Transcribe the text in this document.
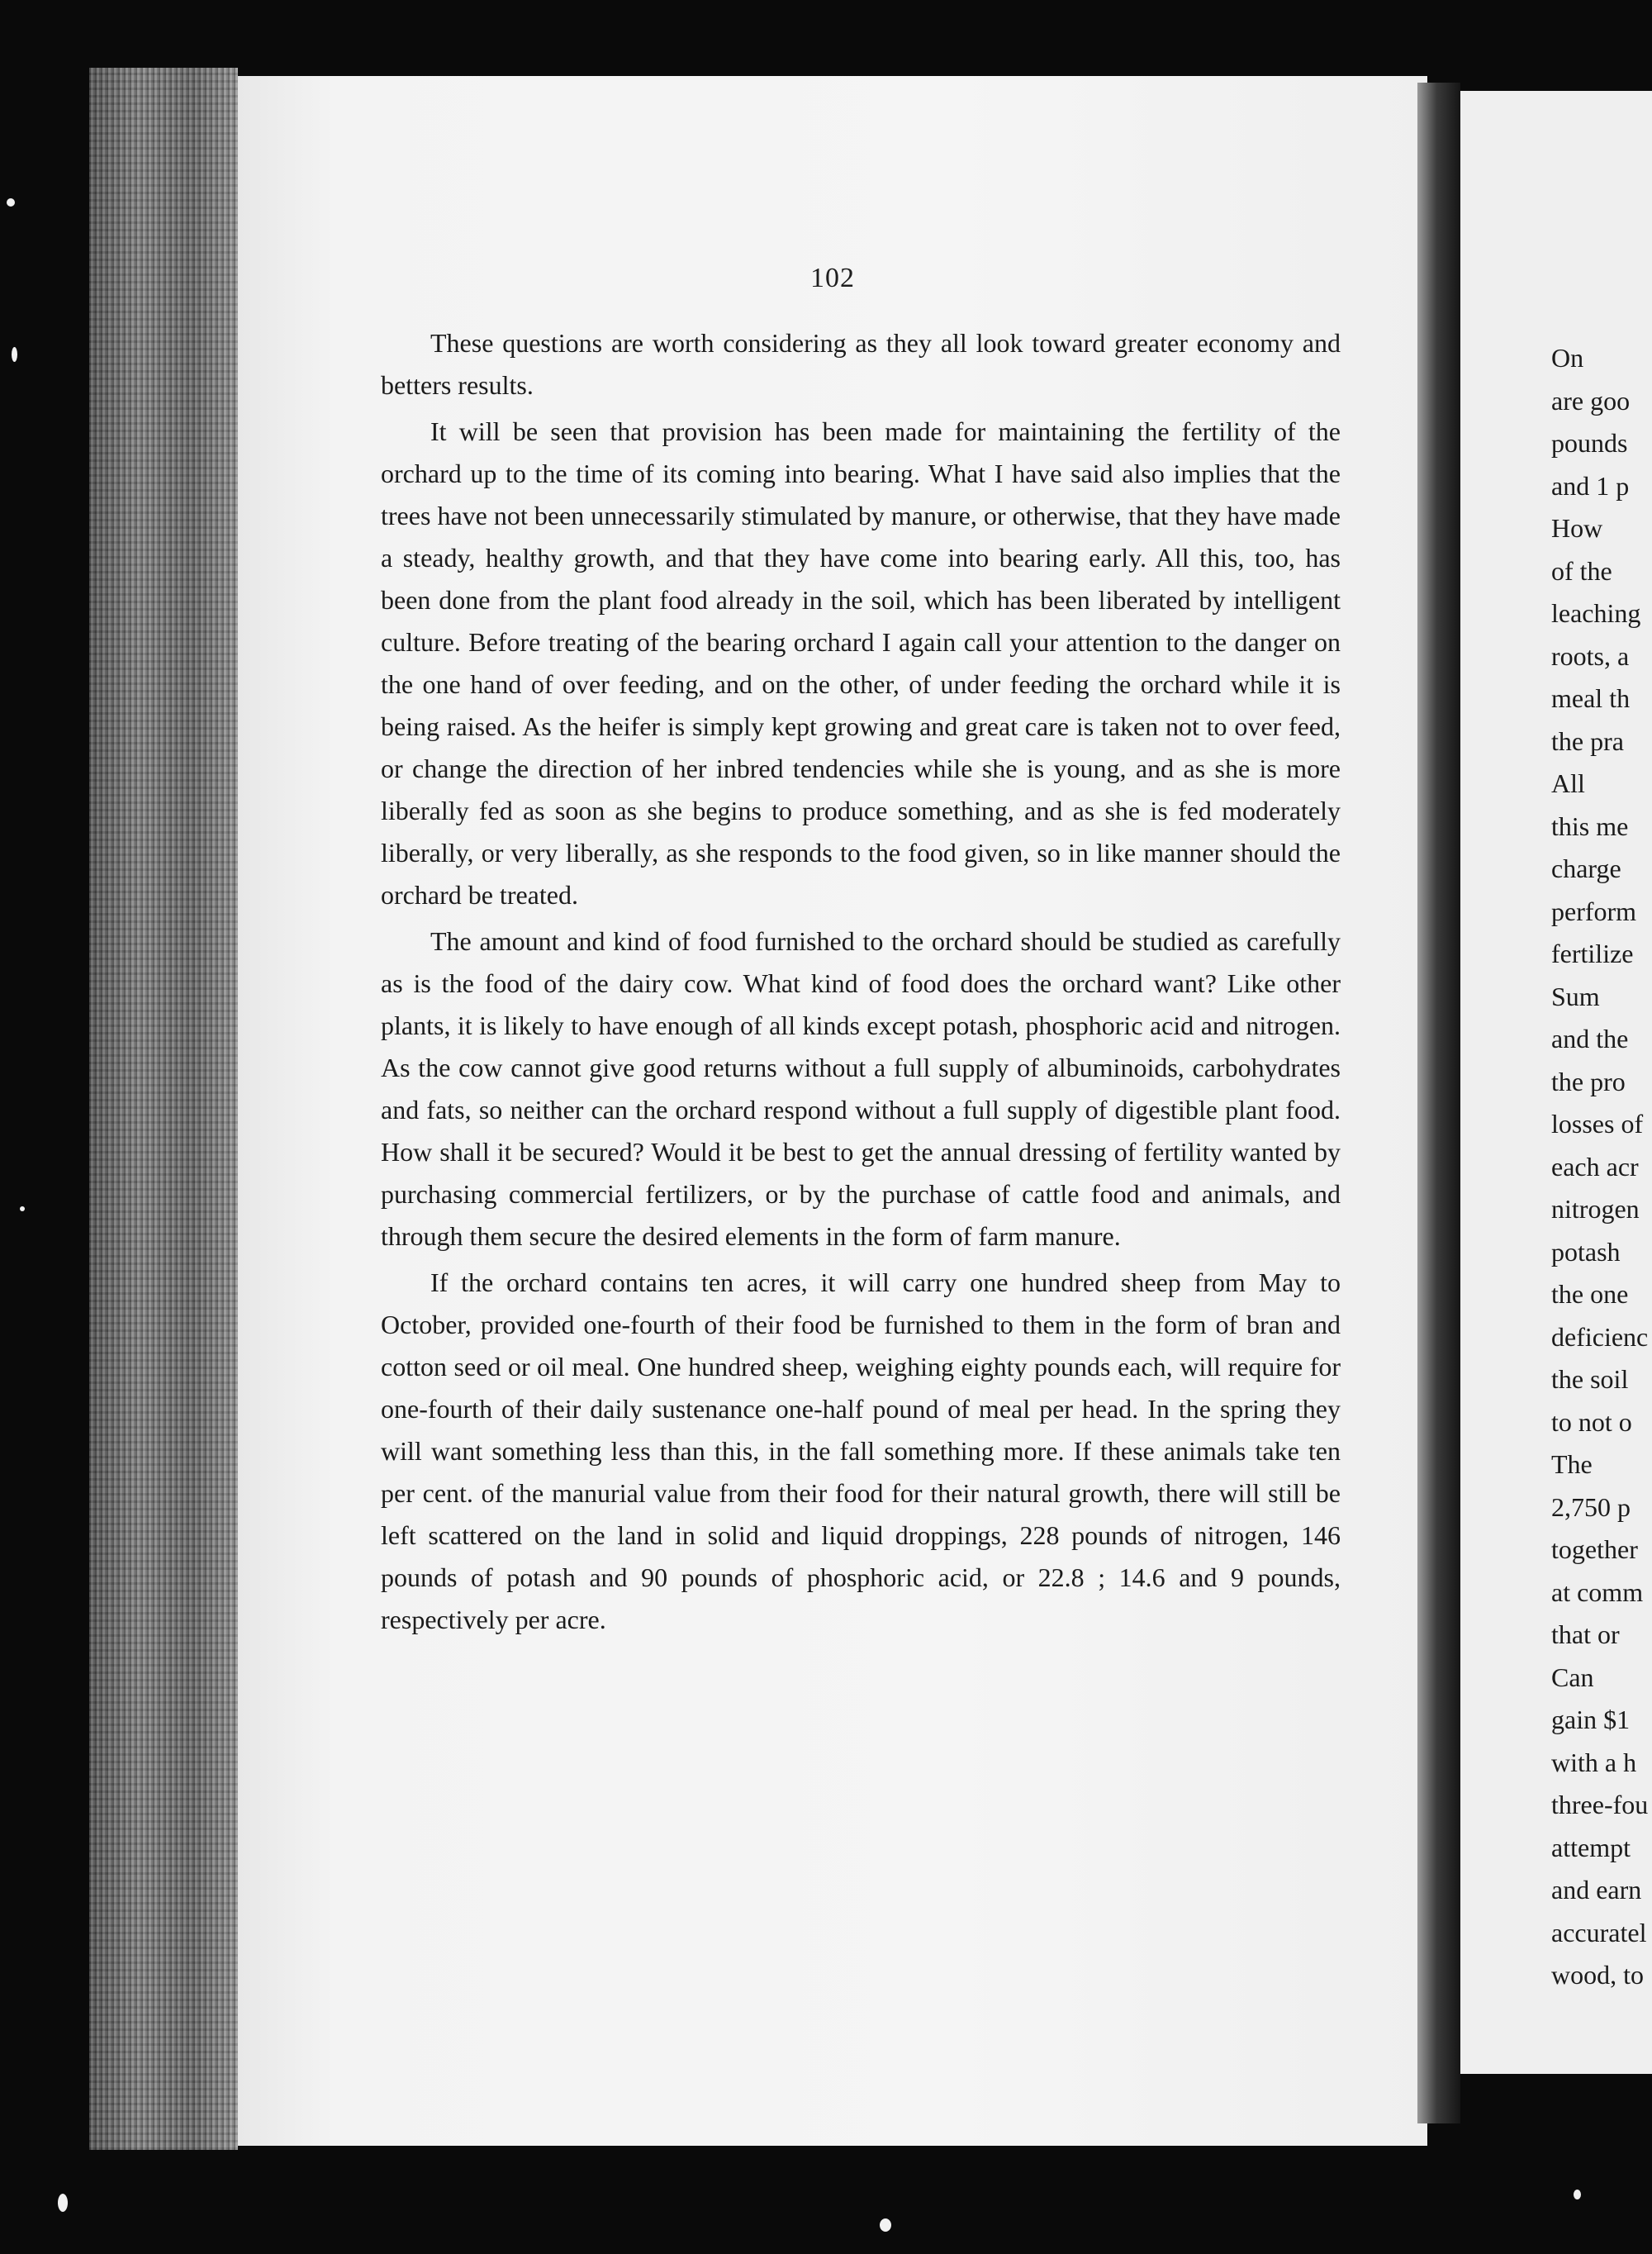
102

These questions are worth considering as they all look toward greater economy and betters results.

It will be seen that provision has been made for maintaining the fertility of the orchard up to the time of its coming into bearing. What I have said also implies that the trees have not been unnecessarily stimulated by manure, or otherwise, that they have made a steady, healthy growth, and that they have come into bearing early. All this, too, has been done from the plant food already in the soil, which has been liberated by intelligent culture. Before treating of the bearing orchard I again call your attention to the danger on the one hand of over feeding, and on the other, of under feeding the orchard while it is being raised. As the heifer is simply kept growing and great care is taken not to over feed, or change the direction of her inbred tendencies while she is young, and as she is more liberally fed as soon as she begins to produce something, and as she is fed moderately liberally, or very liberally, as she responds to the food given, so in like manner should the orchard be treated.

The amount and kind of food furnished to the orchard should be studied as carefully as is the food of the dairy cow. What kind of food does the orchard want? Like other plants, it is likely to have enough of all kinds except potash, phosphoric acid and nitrogen. As the cow cannot give good returns without a full supply of albuminoids, carbohydrates and fats, so neither can the orchard respond without a full supply of digestible plant food. How shall it be secured? Would it be best to get the annual dressing of fertility wanted by purchasing commercial fertilizers, or by the purchase of cattle food and animals, and through them secure the desired elements in the form of farm manure.

If the orchard contains ten acres, it will carry one hundred sheep from May to October, provided one-fourth of their food be furnished to them in the form of bran and cotton seed or oil meal. One hundred sheep, weighing eighty pounds each, will require for one-fourth of their daily sustenance one-half pound of meal per head. In the spring they will want something less than this, in the fall something more. If these animals take ten per cent. of the manurial value from their food for their natural growth, there will still be left scattered on the land in solid and liquid droppings, 228 pounds of nitrogen, 146 pounds of potash and 90 pounds of phosphoric acid, or 22.8 ; 14.6 and 9 pounds, respectively per acre.

On
are goo
pounds
and 1 p
How
of the
leaching
roots, a
meal th
the pra
All
this me
charge
perform
fertilize
Sum
and the
the pro
losses of
each acr
nitrogen
potash
the one
deficienc
the soil
to not o
The
2,750 p
together
at comm
that or
Can
gain $1
with a h
three-fou
attempt
and earn
accuratel
wood, to
